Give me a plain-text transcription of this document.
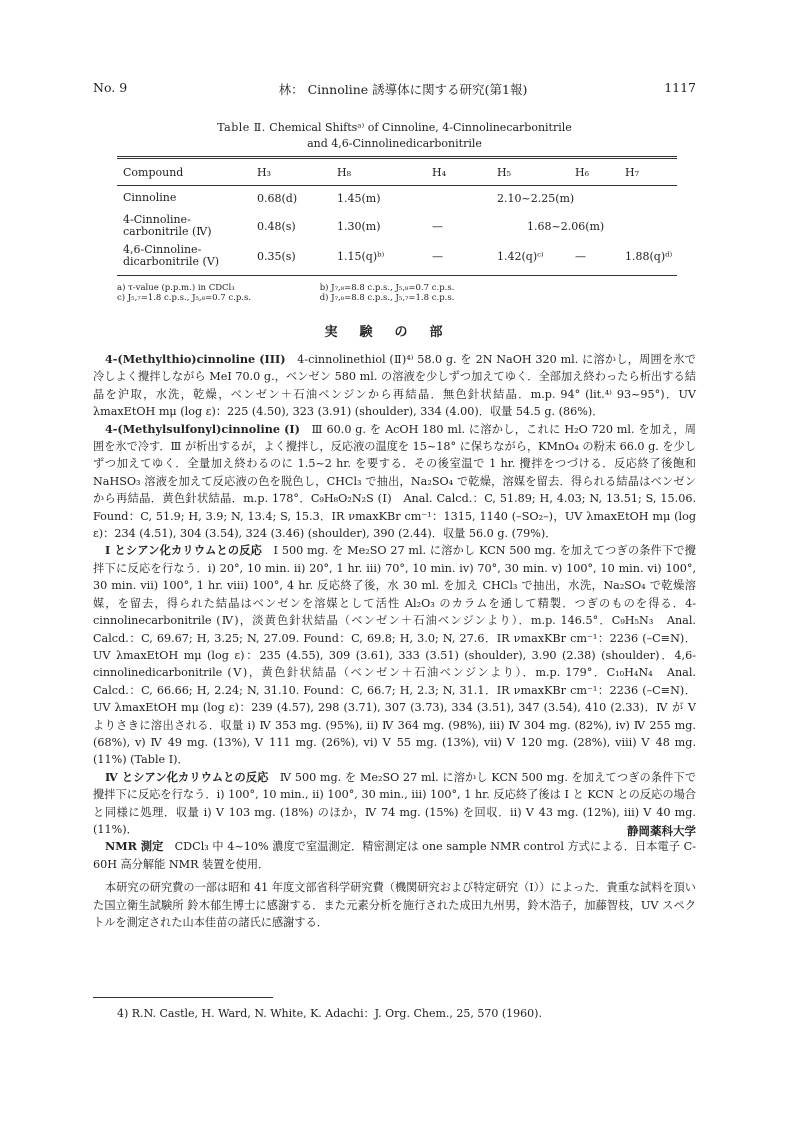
No. 9	林： Cinnoline 誘導体に関する研究(第1報)	1117
Table Ⅱ. Chemical Shiftsᵃ⁾ of Cinnoline, 4-Cinnolinecarbonitrile
and 4,6-Cinnolinedicarbonitrile
Compound	H₃	H₈	H₄	H₅	H₆	H₇
Cinnoline	0.68(d)	1.45(m)		2.10~2.25(m)		
4-Cinnoline-
carbonitrile (Ⅳ)	0.48(s)	1.30(m)	—	1.68~2.06(m)		
4,6-Cinnoline-
dicarbonitrile (Ⅴ)	0.35(s)	1.15(q)ᵇ⁾	—	1.42(q)ᶜ⁾	—	1.88(q)ᵈ⁾
a) τ-value (p.p.m.) in CDCl₃	b) J₇,₈=8.8 c.p.s., J₅,₈=0.7 c.p.s.
c) J₅,₇=1.8 c.p.s., J₅,₈=0.7 c.p.s.	d) J₇,₈=8.8 c.p.s., J₅,₇=1.8 c.p.s.
実験の部

4-(Methylthio)cinnoline (III)　4-cinnolinethiol (Ⅱ)⁴⁾ 58.0 g. を 2N NaOH 320 ml. に溶かし，周囲を氷で冷しよく攪拌しながら MeI 70.0 g.，ベンゼン 580 ml. の溶液を少しずつ加えてゆく．全部加え終わったら析出する結晶を沪取，水洗，乾燥，ベンゼン＋石油ベンジンから再結晶．無色針状結晶．m.p. 94° (lit.⁴⁾ 93~95°)．UV λmaxEtOH mμ (log ε)：225 (4.50), 323 (3.91) (shoulder), 334 (4.00)．収量 54.5 g. (86%)．

4-(Methylsulfonyl)cinnoline (I)　Ⅲ 60.0 g. を AcOH 180 ml. に溶かし，これに H₂O 720 ml. を加え，周囲を氷で冷す．Ⅲ が析出するが，よく攪拌し，反応液の温度を 15~18° に保ちながら，KMnO₄ の粉末 66.0 g. を少しずつ加えてゆく．全量加え終わるのに 1.5~2 hr. を要する．その後室温で 1 hr. 攪拌をつづける．反応終了後飽和 NaHSO₃ 溶液を加えて反応液の色を脱色し，CHCl₃ で抽出，Na₂SO₄ で乾燥，溶媒を留去．得られる結晶はベンゼンから再結晶．黄色針状結晶．m.p. 178°．C₉H₈O₂N₂S (Ⅰ)　Anal. Calcd.：C, 51.89; H, 4.03; N, 13.51; S, 15.06. Found：C, 51.9; H, 3.9; N, 13.4; S, 15.3．IR νmaxKBr cm⁻¹：1315, 1140 (–SO₂–)，UV λmaxEtOH mμ (log ε)：234 (4.51), 304 (3.54), 324 (3.46) (shoulder), 390 (2.44)．収量 56.0 g. (79%)．

Ⅰ とシアン化カリウムとの反応　Ⅰ 500 mg. を Me₂SO 27 ml. に溶かし KCN 500 mg. を加えてつぎの条件下で攪拌下に反応を行なう．i) 20°, 10 min. ii) 20°, 1 hr. iii) 70°, 10 min. iv) 70°, 30 min. v) 100°, 10 min. vi) 100°, 30 min. vii) 100°, 1 hr. viii) 100°, 4 hr. 反応終了後，水 30 ml. を加え CHCl₃ で抽出，水洗，Na₂SO₄ で乾燥溶媒，を留去，得られた結晶はベンゼンを溶媒として活性 Al₂O₃ のカラムを通して精製．つぎのものを得る．4-cinnolinecarbonitrile (Ⅳ)，淡黄色針状結晶（ベンゼン＋石油ベンジンより）．m.p. 146.5°．C₉H₅N₃　Anal. Calcd.：C, 69.67; H, 3.25; N, 27.09. Found：C, 69.8; H, 3.0; N, 27.6．IR νmaxKBr cm⁻¹：2236 (–C≡N)．UV λmaxEtOH mμ (log ε)：235 (4.55), 309 (3.61), 333 (3.51) (shoulder), 3.90 (2.38) (shoulder)．4,6-cinnolinedicarbonitrile (Ⅴ)，黄色針状結晶（ベンゼン＋石油ベンジンより）．m.p. 179°．C₁₀H₄N₄　Anal. Calcd.：C, 66.66; H, 2.24; N, 31.10. Found：C, 66.7; H, 2.3; N, 31.1．IR νmaxKBr cm⁻¹：2236 (–C≡N)．UV λmaxEtOH mμ (log ε)：239 (4.57), 298 (3.71), 307 (3.73), 334 (3.51), 347 (3.54), 410 (2.33)．Ⅳ が Ⅴ よりさきに溶出される．収量 i) Ⅳ 353 mg. (95%), ii) Ⅳ 364 mg. (98%), iii) Ⅳ 304 mg. (82%), iv) Ⅳ 255 mg. (68%), v) Ⅳ 49 mg. (13%), Ⅴ 111 mg. (26%), vi) Ⅴ 55 mg. (13%), vii) Ⅴ 120 mg. (28%), viii) Ⅴ 48 mg. (11%) (Table Ⅰ)．

Ⅳ とシアン化カリウムとの反応　Ⅳ 500 mg. を Me₂SO 27 ml. に溶かし KCN 500 mg. を加えてつぎの条件下で攪拌下に反応を行なう．i) 100°, 10 min., ii) 100°, 30 min., iii) 100°, 1 hr. 反応終了後は Ⅰ と KCN との反応の場合と同様に処理．収量 i) Ⅴ 103 mg. (18%) のほか，Ⅳ 74 mg. (15%) を回収．ii) Ⅴ 43 mg. (12%), iii) Ⅴ 40 mg. (11%)．

NMR 測定　CDCl₃ 中 4~10% 濃度で室温測定．精密測定は one sample NMR control 方式による．日本電子 C-60H 高分解能 NMR 装置を使用．

本研究の研究費の一部は昭和 41 年度文部省科学研究費（機関研究および特定研究（Ⅰ））によった．貴重な試料を頂いた国立衛生試験所 鈴木郁生博士に感謝する．また元素分析を施行された成田九州男，鈴木浩子，加藤智枝，UV スペクトルを測定された山本佳苗の諸氏に感謝する．

静岡薬科大学
4) R.N. Castle, H. Ward, N. White, K. Adachi：J. Org. Chem., 25, 570 (1960).
